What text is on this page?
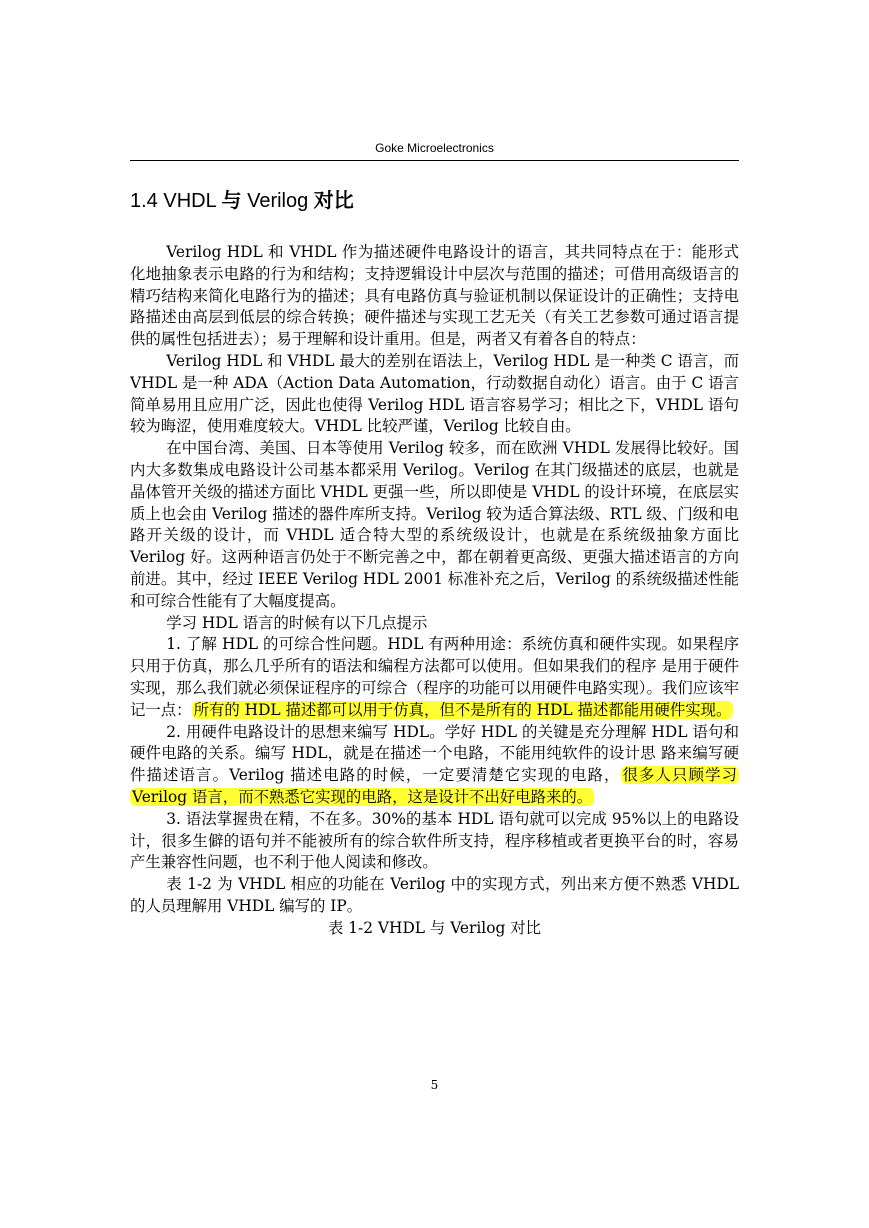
Goke Microelectronics
1.4 VHDL 与 Verilog 对比

Verilog HDL 和 VHDL 作为描述硬件电路设计的语言，其共同特点在于：能形式化地抽象表示电路的行为和结构；支持逻辑设计中层次与范围的描述；可借用高级语言的精巧结构来简化电路行为的描述；具有电路仿真与验证机制以保证设计的正确性；支持电路描述由高层到低层的综合转换；硬件描述与实现工艺无关（有关工艺参数可通过语言提供的属性包括进去）；易于理解和设计重用。但是，两者又有着各自的特点：

Verilog HDL 和 VHDL 最大的差别在语法上，Verilog HDL 是一种类 C 语言，而 VHDL 是一种 ADA（Action Data Automation，行动数据自动化）语言。由于 C 语言简单易用且应用广泛，因此也使得 Verilog HDL 语言容易学习；相比之下，VHDL 语句较为晦涩，使用难度较大。VHDL 比较严谨，Verilog 比较自由。

在中国台湾、美国、日本等使用 Verilog 较多，而在欧洲 VHDL 发展得比较好。国内大多数集成电路设计公司基本都采用 Verilog。Verilog 在其门级描述的底层，也就是晶体管开关级的描述方面比 VHDL 更强一些，所以即使是 VHDL 的设计环境，在底层实质上也会由 Verilog 描述的器件库所支持。Verilog 较为适合算法级、RTL 级、门级和电路开关级的设计，而 VHDL 适合特大型的系统级设计，也就是在系统级抽象方面比 Verilog 好。这两种语言仍处于不断完善之中，都在朝着更高级、更强大描述语言的方向前进。其中，经过 IEEE Verilog HDL 2001 标准补充之后，Verilog 的系统级描述性能和可综合性能有了大幅度提高。

学习 HDL 语言的时候有以下几点提示

1. 了解 HDL 的可综合性问题。HDL 有两种用途：系统仿真和硬件实现。如果程序只用于仿真，那么几乎所有的语法和编程方法都可以使用。但如果我们的程序 是用于硬件实现，那么我们就必须保证程序的可综合（程序的功能可以用硬件电路实现）。我们应该牢记一点： 所有的 HDL 描述都可以用于仿真，但不是所有的 HDL 描述都能用硬件实现。

2. 用硬件电路设计的思想来编写 HDL。学好 HDL 的关键是充分理解 HDL 语句和硬件电路的关系。编写 HDL，就是在描述一个电路，不能用纯软件的设计思 路来编写硬件描述语言。Verilog 描述电路的时候，一定要清楚它实现的电路， 很多人只顾学习 Verilog 语言，而不熟悉它实现的电路，这是设计不出好电路来的。

3. 语法掌握贵在精，不在多。30%的基本 HDL 语句就可以完成 95%以上的电路设计，很多生僻的语句并不能被所有的综合软件所支持，程序移植或者更换平台的时，容易产生兼容性问题，也不利于他人阅读和修改。

表 1-2 为 VHDL 相应的功能在 Verilog 中的实现方式，列出来方便不熟悉 VHDL 的人员理解用 VHDL 编写的 IP。

表 1-2 VHDL 与 Verilog 对比

5
